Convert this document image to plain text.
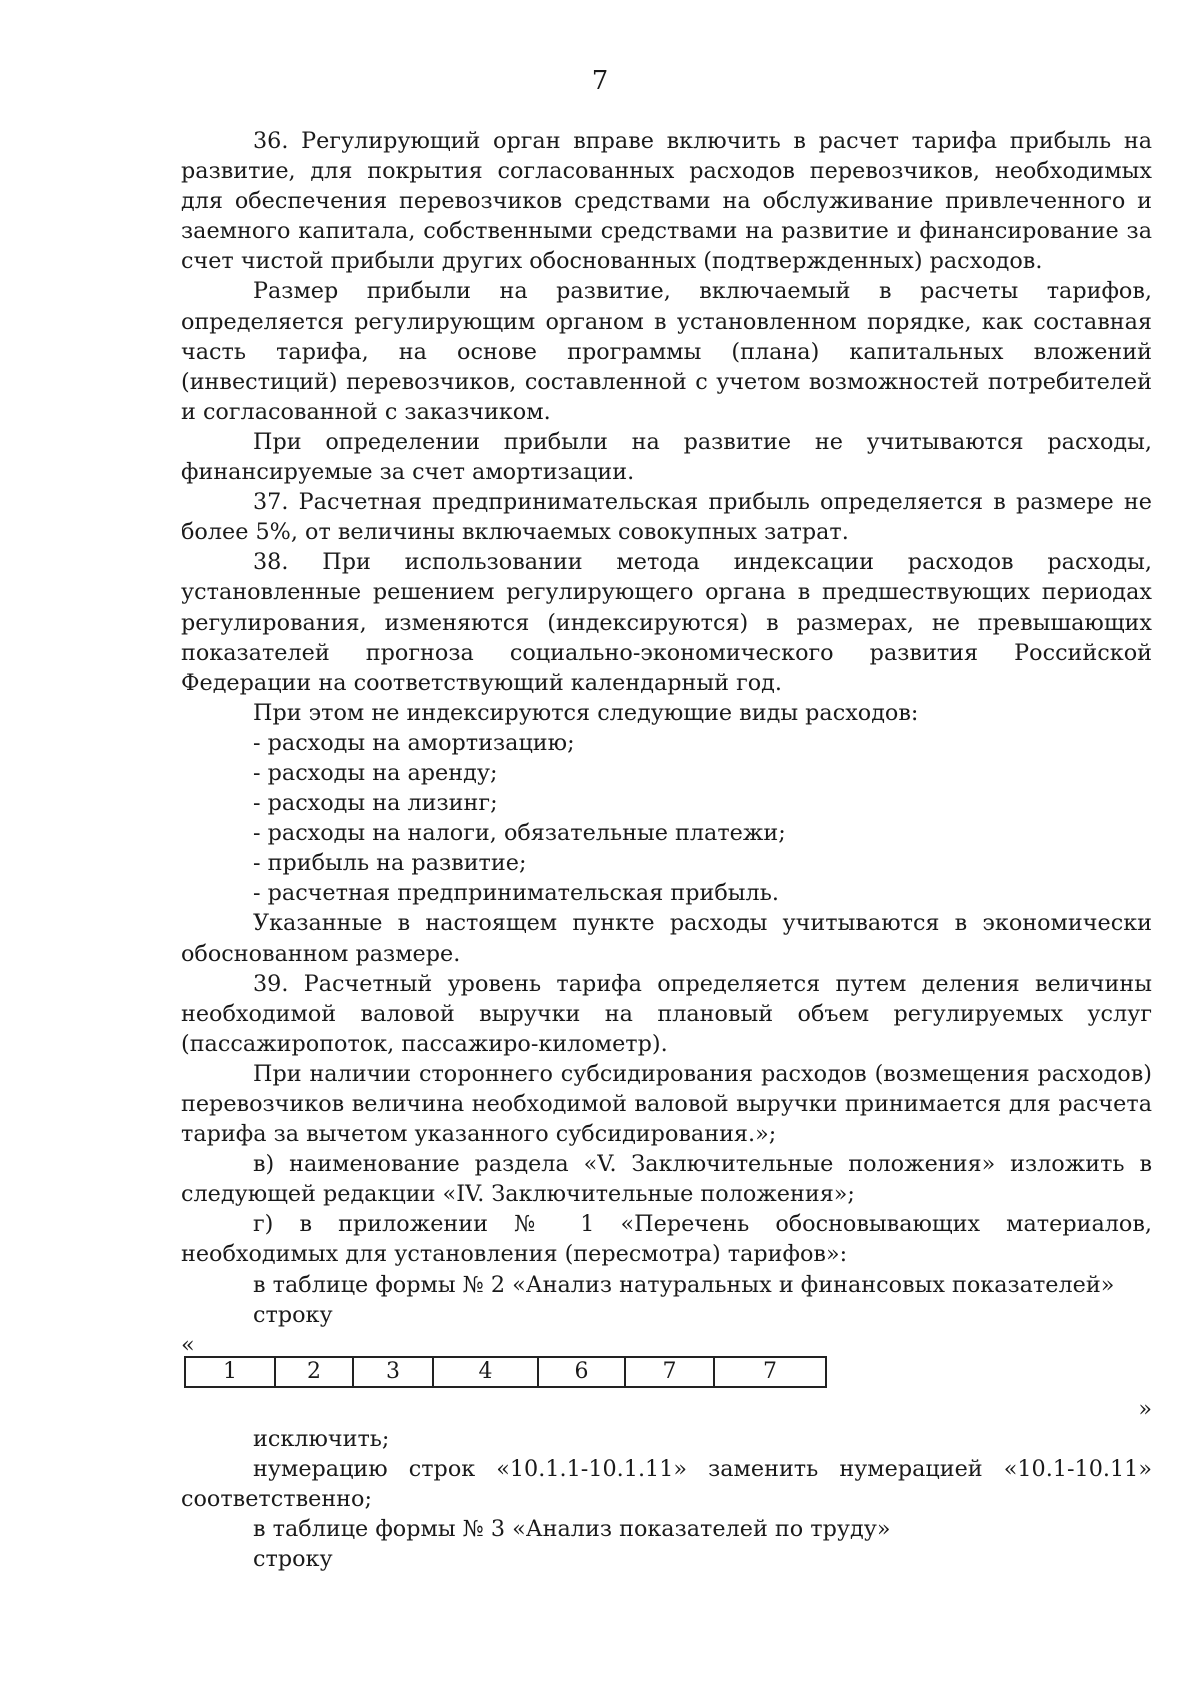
7

36. Регулирующий орган вправе включить в расчет тарифа прибыль на развитие, для покрытия согласованных расходов перевозчиков, необходимых для обеспечения перевозчиков средствами на обслуживание привлеченного и заемного капитала, собственными средствами на развитие и финансирование за счет чистой прибыли других обоснованных (подтвержденных) расходов.

Размер прибыли на развитие, включаемый в расчеты тарифов, определяется регулирующим органом в установленном порядке, как составная часть тарифа, на основе программы (плана) капитальных вложений (инвестиций) перевозчиков, составленной с учетом возможностей потребителей и согласованной с заказчиком.

При определении прибыли на развитие не учитываются расходы, финансируемые за счет амортизации.

37. Расчетная предпринимательская прибыль определяется в размере не более 5%, от величины включаемых совокупных затрат.

38. При использовании метода индексации расходов расходы, установленные решением регулирующего органа в предшествующих периодах регулирования, изменяются (индексируются) в размерах, не превышающих показателей прогноза социально-экономического развития Российской Федерации на соответствующий календарный год.

При этом не индексируются следующие виды расходов:

- расходы на амортизацию;

- расходы на аренду;

- расходы на лизинг;

- расходы на налоги, обязательные платежи;

- прибыль на развитие;

- расчетная предпринимательская прибыль.

Указанные в настоящем пункте расходы учитываются в экономически обоснованном размере.

39. Расчетный уровень тарифа определяется путем деления величины необходимой валовой выручки на плановый объем регулируемых услуг (пассажиропоток, пассажиро-километр).

При наличии стороннего субсидирования расходов (возмещения расходов) перевозчиков величина необходимой валовой выручки принимается для расчета тарифа за вычетом указанного субсидирования.»;

в) наименование раздела «V. Заключительные положения» изложить в следующей редакции «IV. Заключительные положения»;

г) в приложении № 1 «Перечень обосновывающих материалов, необходимых для установления (пересмотра) тарифов»:

в таблице формы № 2 «Анализ натуральных и финансовых показателей»

строку

«

1	2	3	4	6	7	7

»

исключить;

нумерацию строк «10.1.1-10.1.11» заменить нумерацией «10.1-10.11» соответственно;

в таблице формы № 3 «Анализ показателей по труду»

строку
